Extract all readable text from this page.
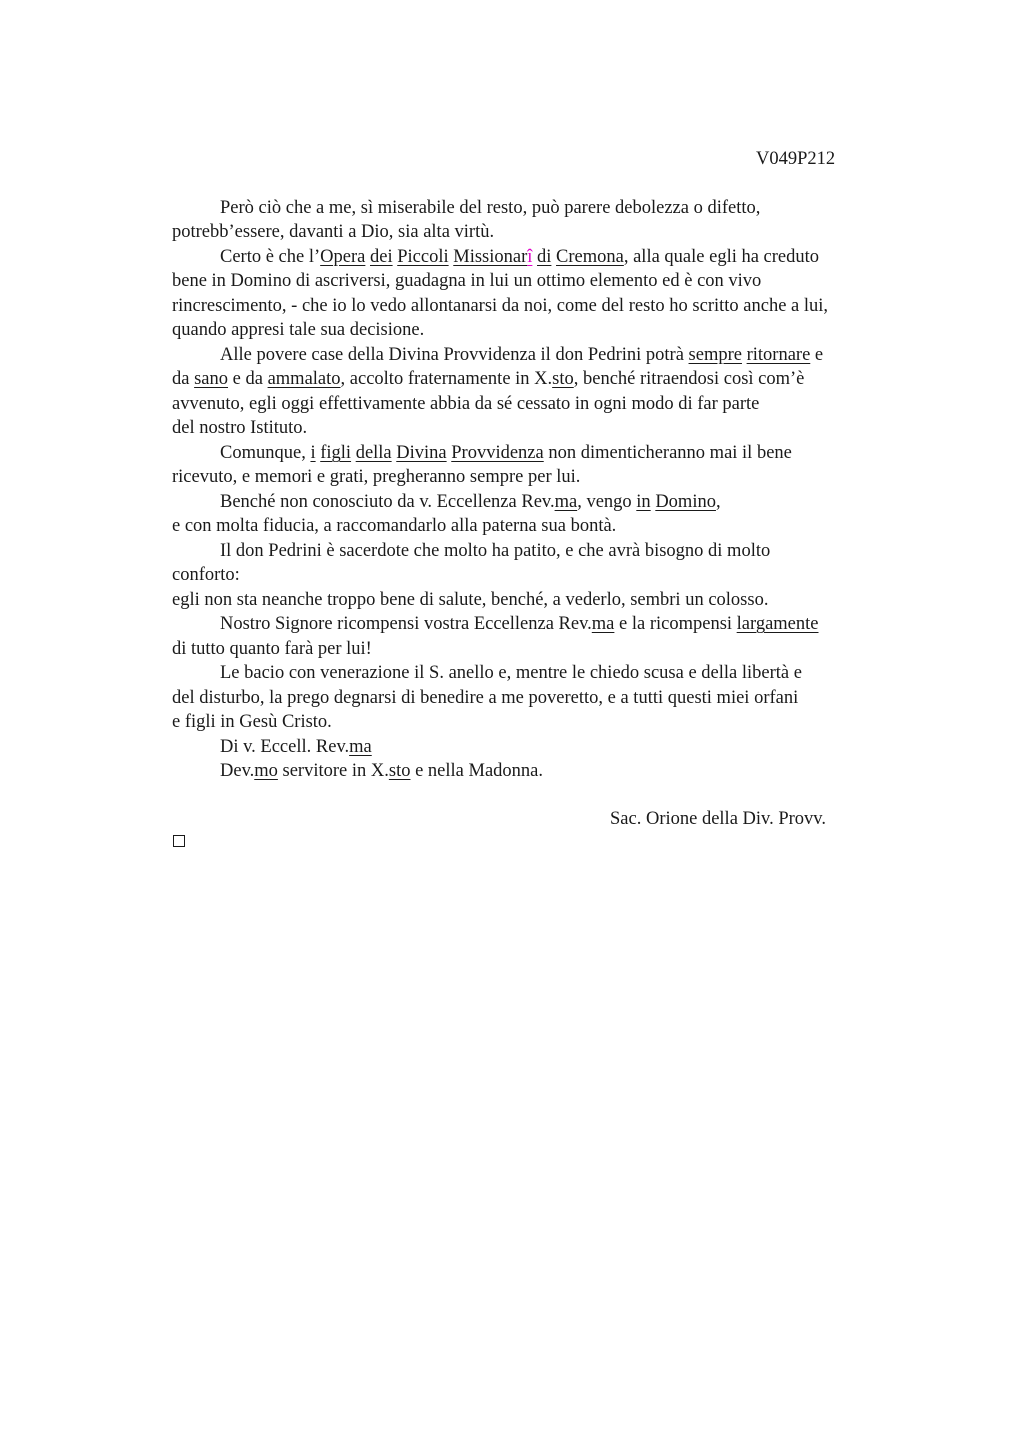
V049P212
Però ciò che a me, sì miserabile del resto, può parere debolezza o difetto,
potrebb’essere, davanti a Dio, sia alta virtù.
Certo è che l’Opera dei Piccoli Missionarî di Cremona, alla quale egli ha creduto
bene in Domino di ascriversi, guadagna in lui un ottimo elemento ed è con vivo
rincrescimento, - che io lo vedo allontanarsi da noi, come del resto ho scritto anche a lui,
quando appresi tale sua decisione.
Alle povere case della Divina Provvidenza il don Pedrini potrà sempre ritornare e
da sano e da ammalato, accolto fraternamente in X.sto, benché ritraendosi così com’è
avvenuto, egli oggi effettivamente abbia da sé cessato in ogni modo di far parte
del nostro Istituto.
Comunque, i figli della Divina Provvidenza non dimenticheranno mai il bene
ricevuto, e memori e grati, pregheranno sempre per lui.
Benché non conosciuto da v. Eccellenza Rev.ma, vengo in Domino,
e con molta fiducia, a raccomandarlo alla paterna sua bontà.
Il don Pedrini è sacerdote che molto ha patito, e che avrà bisogno di molto
conforto:
egli non sta neanche troppo bene di salute, benché, a vederlo, sembri un colosso.
Nostro Signore ricompensi vostra Eccellenza Rev.ma e la ricompensi largamente
di tutto quanto farà per lui!
Le bacio con venerazione il S. anello e, mentre le chiedo scusa e della libertà e
del disturbo, la prego degnarsi di benedire a me poveretto, e a tutti questi miei orfani
e figli in Gesù Cristo.
Di v. Eccell. Rev.ma
Dev.mo servitore in X.sto e nella Madonna.
Sac. Orione della Div. Provv.
